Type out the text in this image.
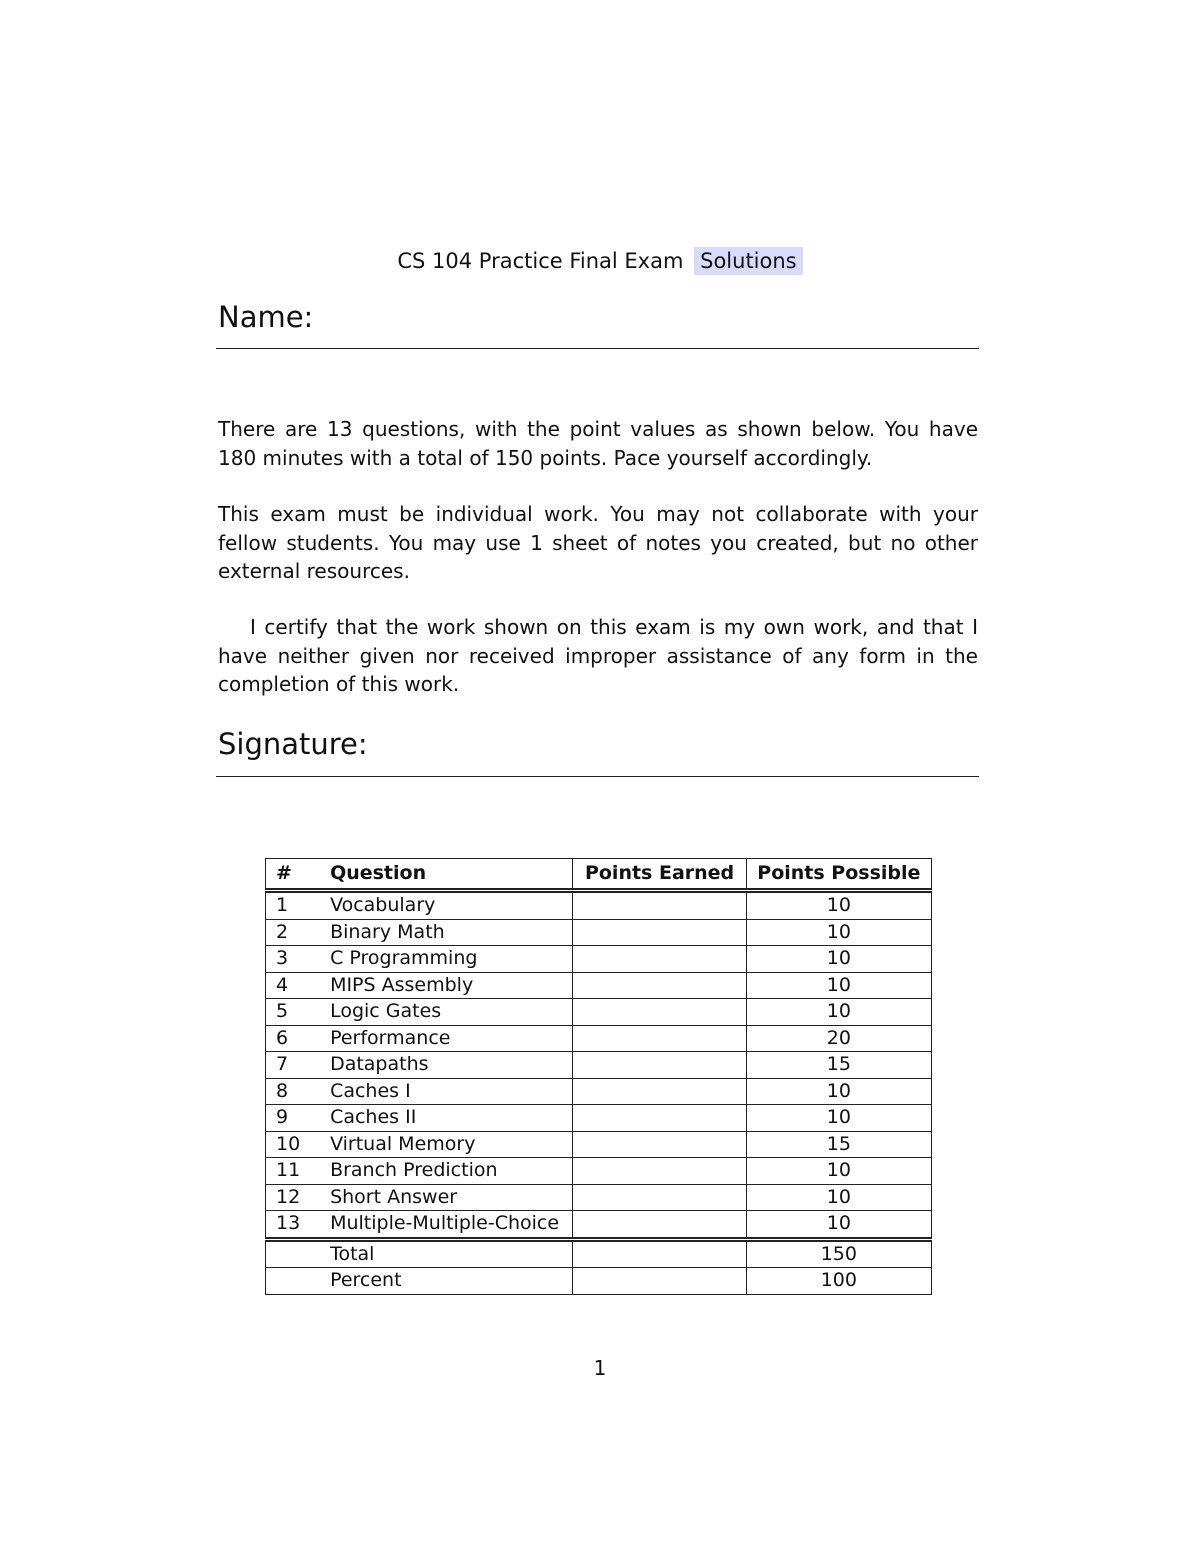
CS 104 Practice Final Exam Solutions
Name:
There are 13 questions, with the point values as shown below. You have 180 minutes with a total of 150 points. Pace yourself accordingly.
This exam must be individual work. You may not collaborate with your fellow students. You may use 1 sheet of notes you created, but no other external resources.
I certify that the work shown on this exam is my own work, and that I have neither given nor received improper assistance of any form in the completion of this work.
Signature:
#	Question	Points Earned	Points Possible
1	Vocabulary		10
2	Binary Math		10
3	C Programming		10
4	MIPS Assembly		10
5	Logic Gates		10
6	Performance		20
7	Datapaths		15
8	Caches I		10
9	Caches II		10
10	Virtual Memory		15
11	Branch Prediction		10
12	Short Answer		10
13	Multiple-Multiple-Choice		10
	Total		150
	Percent		100
1
